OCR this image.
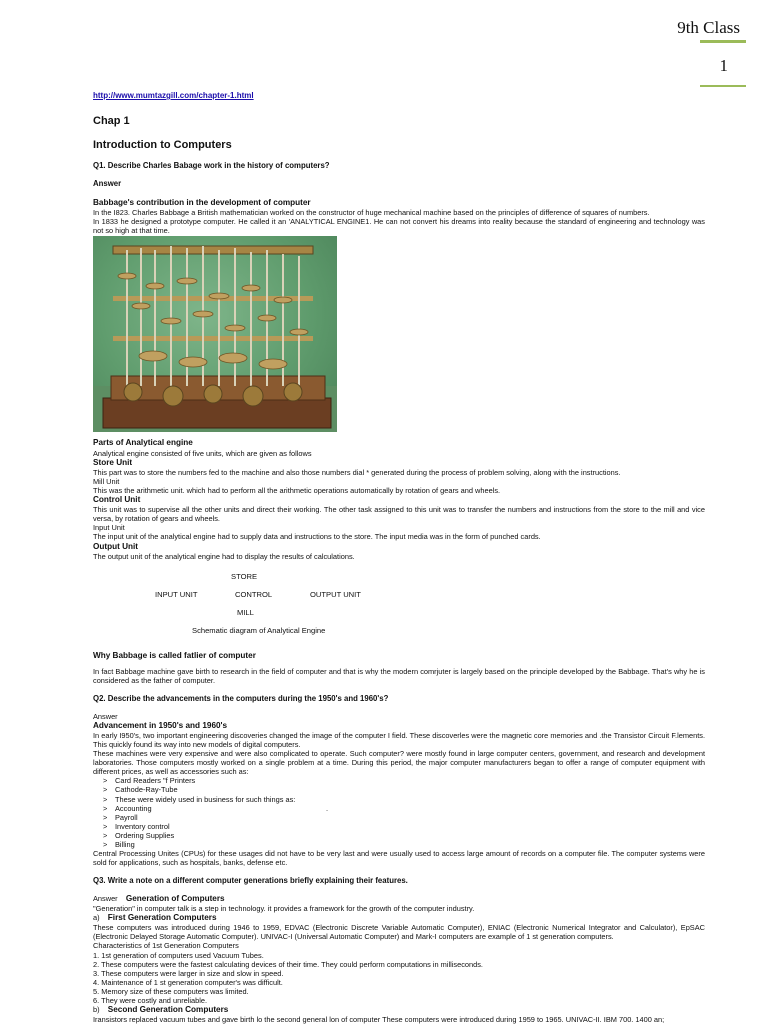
9th Class
1
http://www.mumtazgill.com/chapter-1.html
Chap 1
Introduction to Computers
Q1. Describe Charles Babage work in the history of computers?
Answer
Babbage's contribution in the development of computer

In the I823. Charles Babbage a British mathematician worked on the constructor of huge mechanical machine based on the principles of difference of squares of numbers.

In 1833 he designed a prototype computer. He called it an 'ANALYTICAL ENGINE1. He can not convert his dreams into reality because the standard of engineering and technology was not so high at that time.

Parts of Analytical engine

Analytical engine consisted of five units, which are given as follows

Store Unit

This part was to store the numbers fed to the machine and also those numbers dial * generated during the process of problem solving, along with the instructions.

Mill Unit

This was the arithmetic unit. which had to perform all the arithmetic operations automatically by rotation of gears and wheels.

Control Unit

This unit was to supervise all the other units and direct their working. The other task assigned to this unit was to transfer the numbers and instructions from the store to the mill and vice versa, by rotation of gears and wheels.

Input Unit

The input unit of the analytical engine had to supply data and instructions to the store. The input media was in the form of punched cards.

Output Unit

The output unit of the analytical engine had to display the results of calculations.

STORE
INPUT UNIT	CONTROL	OUTPUT UNIT
MILL
Schematic diagram of Analytical Engine
Why Babbage is called fatlier of computer

In fact Babbage machine gave birth to research in the field of computer and that is why the modern comrjuter is largely based on the principle developed by the Babbage. That's why he is considered as the father of computer.

Q2. Describe the advancements in the computers during the 1950's and 1960's?

Answer

Advancement in 1950's and 1960's

In early I950's, two important engineering discoveries changed the image of the computer I field. These discoverles were the magnetic core memories and .the Transistor Circuit F.lements. This quickly found its way into new models of digital computers.

These machines were very expensive and were also complicated to operate. Such computer? were mostly found in large computer centers, government, and research and development laboratories. Those computers mostly worked on a single problem at a time. During this period, the major computer manufacturers began to offer a range of computer equipment with different prices, as well as accessories such as:

> Card Readers "f Printers
> Cathode-Ray-Tube
> These were widely used in business for such things as:
> Accounting	.
> Payroll
> Inventory control
> Ordering Supplies
> Billing

Central Processing Unites (CPUs) for these usages did not have to be very last and were usually used to access large amount of records on a computer file. The computer systems were sold for applications, such as hospitals, banks, defense etc.

Q3. Write a note on a different computer generations briefly explaining their features.

Answer Generation of Computers

"Generation" in computer talk is a step in technology. it provides a framework for the growth of the computer industry.

a) First Generation Computers

These computers was introduced during 1946 to 1959, EDVAC (Electronic Discrete Variable Automatic Computer), ENIAC (Electronic Numerical Integrator and Calculator), EpSAC (Electronic Delayed Storage Automatic Computer). UNIVAC-I (Universal Automatic Computer) and Mark-I computers are example of 1 st generation computers.

Characteristics of 1st Generation Computers

1. 1st generation of computers used Vacuum Tubes.

2. These computers were the fastest calculating devices of their time. They could perform computations in milliseconds.

3. These computers were larger in size and slow in speed.

4. Maintenance of 1 st generation computer's was difficult.

5. Memory size of these computers was limited.

6. They were costly and unreliable.

b) Second Generation Computers

Iransistors replaced vacuum tubes and gave birth lo the second general lon of computer These computers were introduced during 1959 to 1965. UNIVAC-II. IBM 700. 1400 an;
